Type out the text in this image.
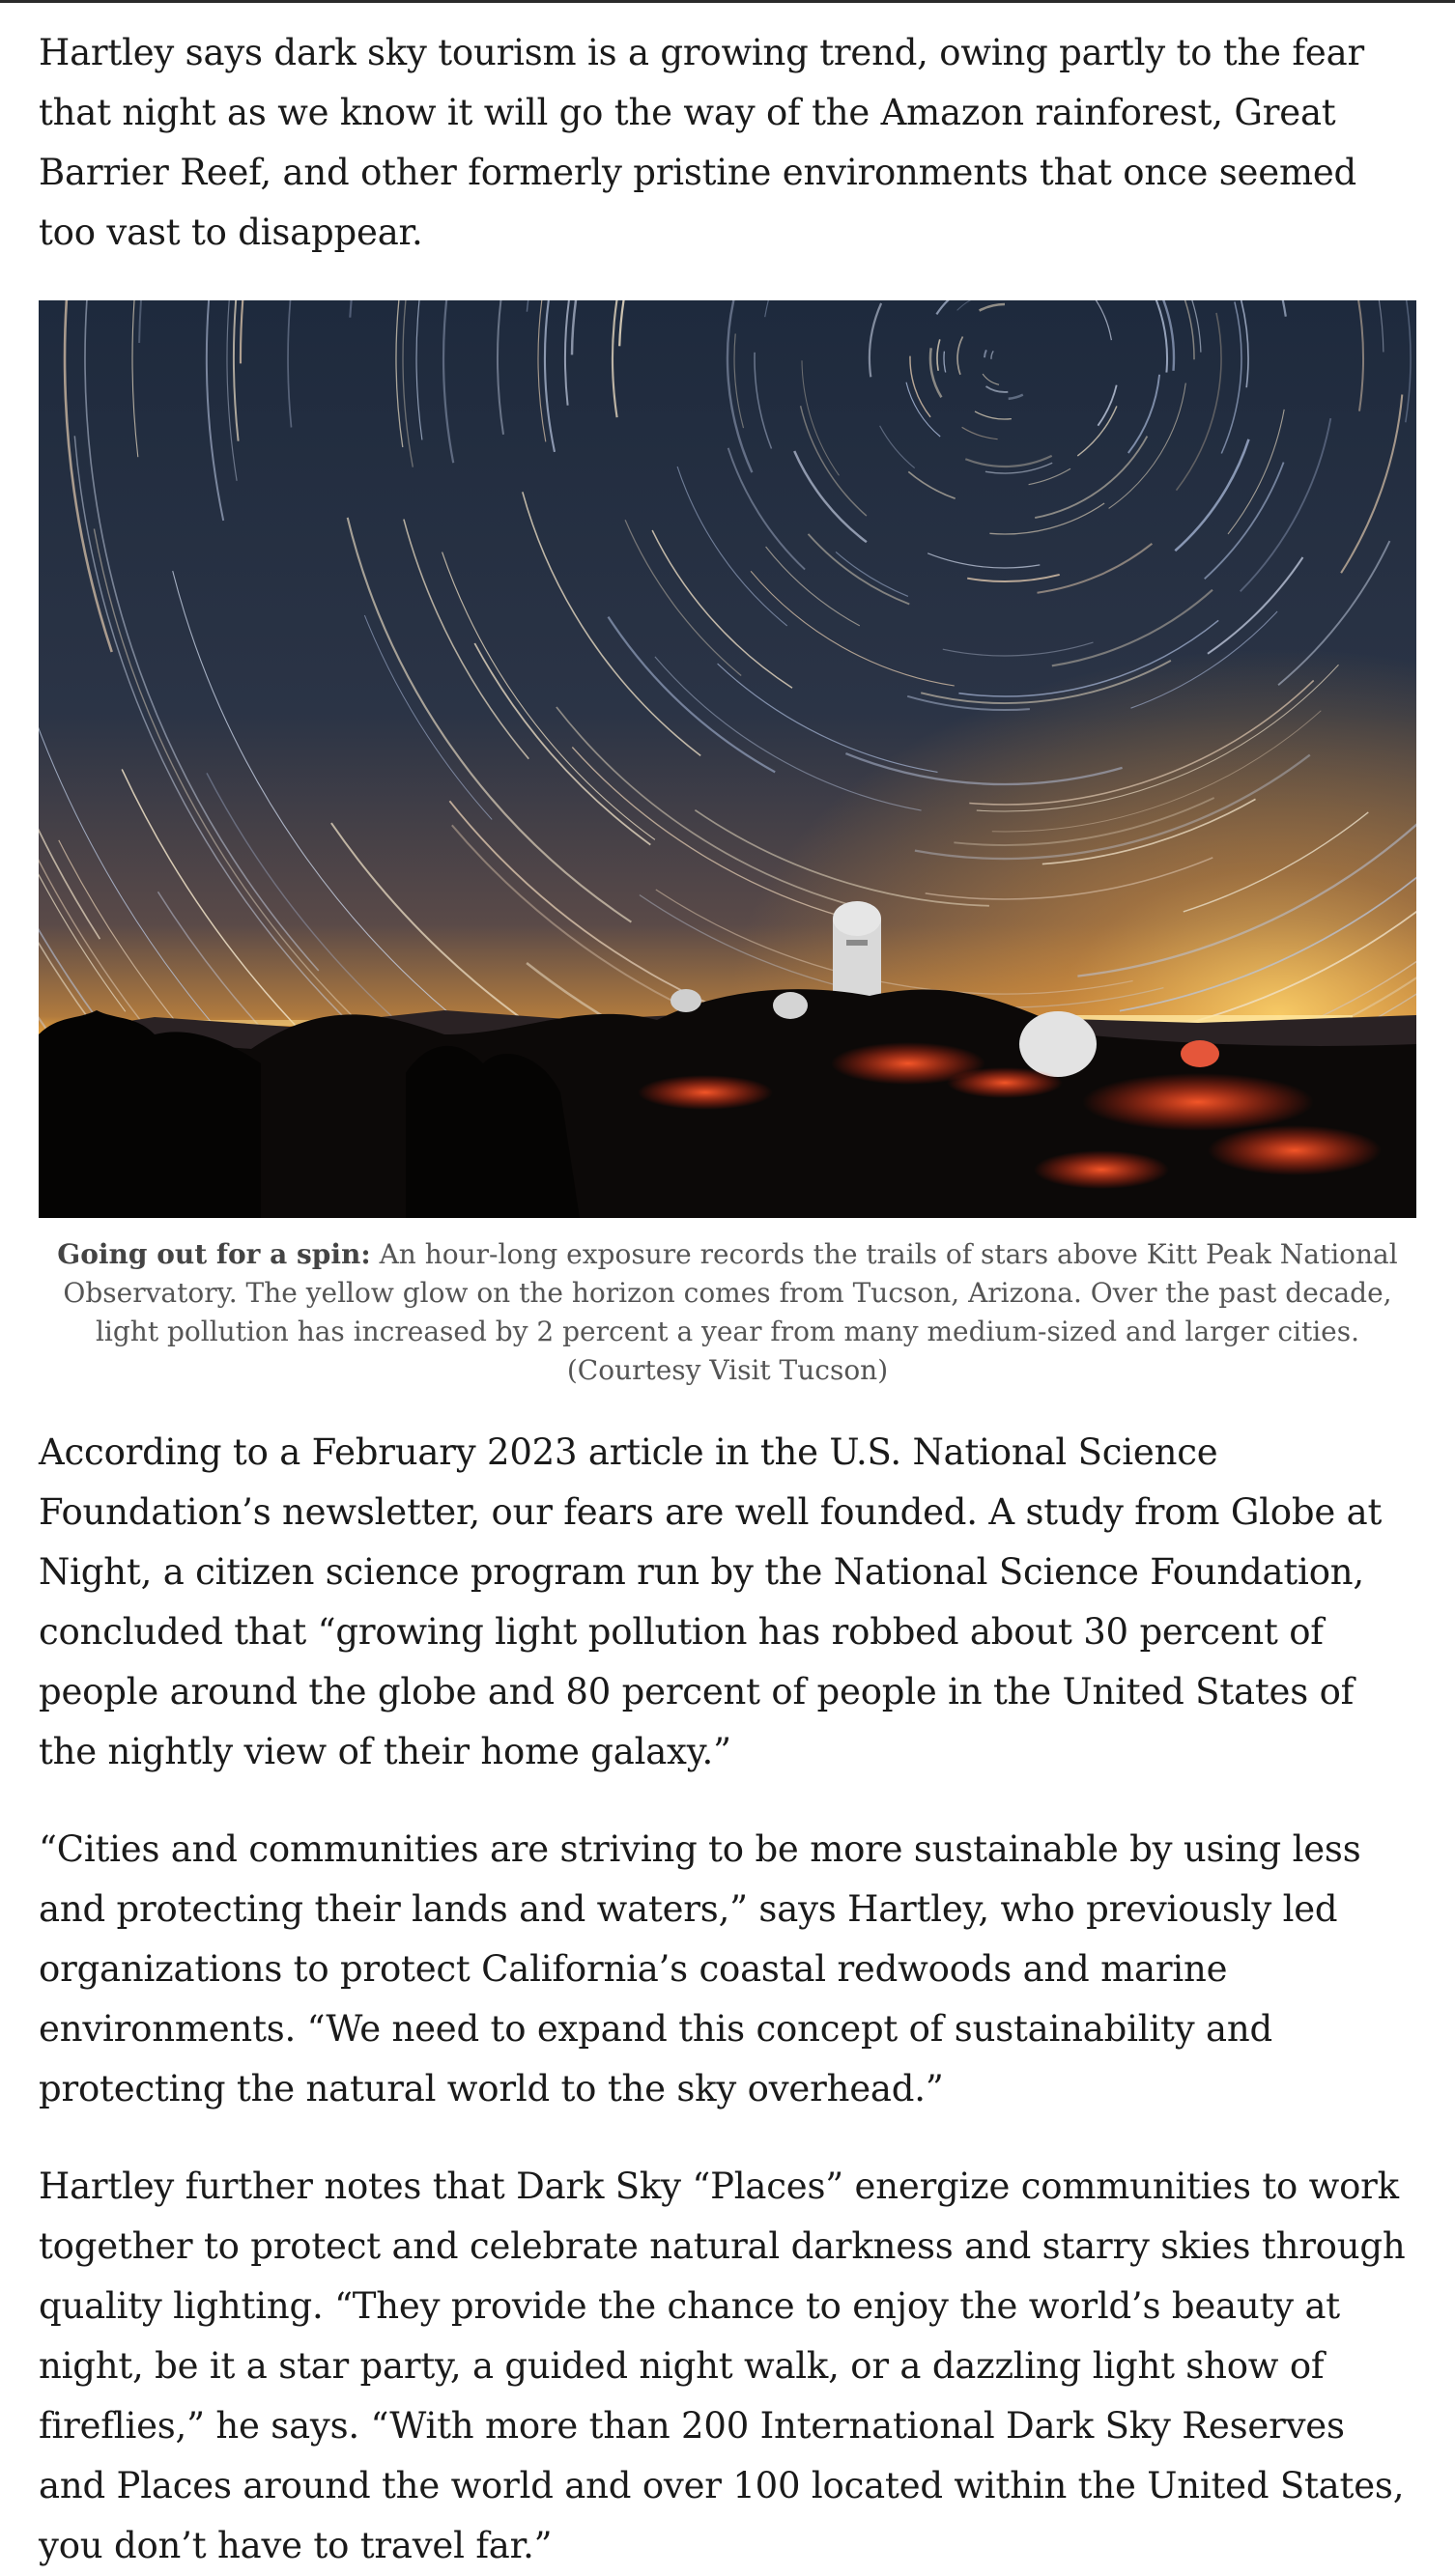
Hartley says dark sky tourism is a growing trend, owing partly to the fear that night as we know it will go the way of the Amazon rainforest, Great Barrier Reef, and other formerly pristine environments that once seemed too vast to disappear.

Going out for a spin: An hour-long exposure records the trails of stars above Kitt Peak National Observatory. The yellow glow on the horizon comes from Tucson, Arizona. Over the past decade, light pollution has increased by 2 percent a year from many medium-sized and larger cities. (Courtesy Visit Tucson)

According to a February 2023 article in the U.S. National Science Foundation’s newsletter, our fears are well founded. A study from Globe at Night, a citizen science program run by the National Science Foundation, concluded that “growing light pollution has robbed about 30 percent of people around the globe and 80 percent of people in the United States of the nightly view of their home galaxy.”

“Cities and communities are striving to be more sustainable by using less and protecting their lands and waters,” says Hartley, who previously led organizations to protect California’s coastal redwoods and marine environments. “We need to expand this concept of sustainability and protecting the natural world to the sky overhead.”

Hartley further notes that Dark Sky “Places” energize communities to work together to protect and celebrate natural darkness and starry skies through quality lighting. “They provide the chance to enjoy the world’s beauty at night, be it a star party, a guided night walk, or a dazzling light show of fireflies,” he says. “With more than 200 International Dark Sky Reserves and Places around the world and over 100 located within the United States, you don’t have to travel far.”
